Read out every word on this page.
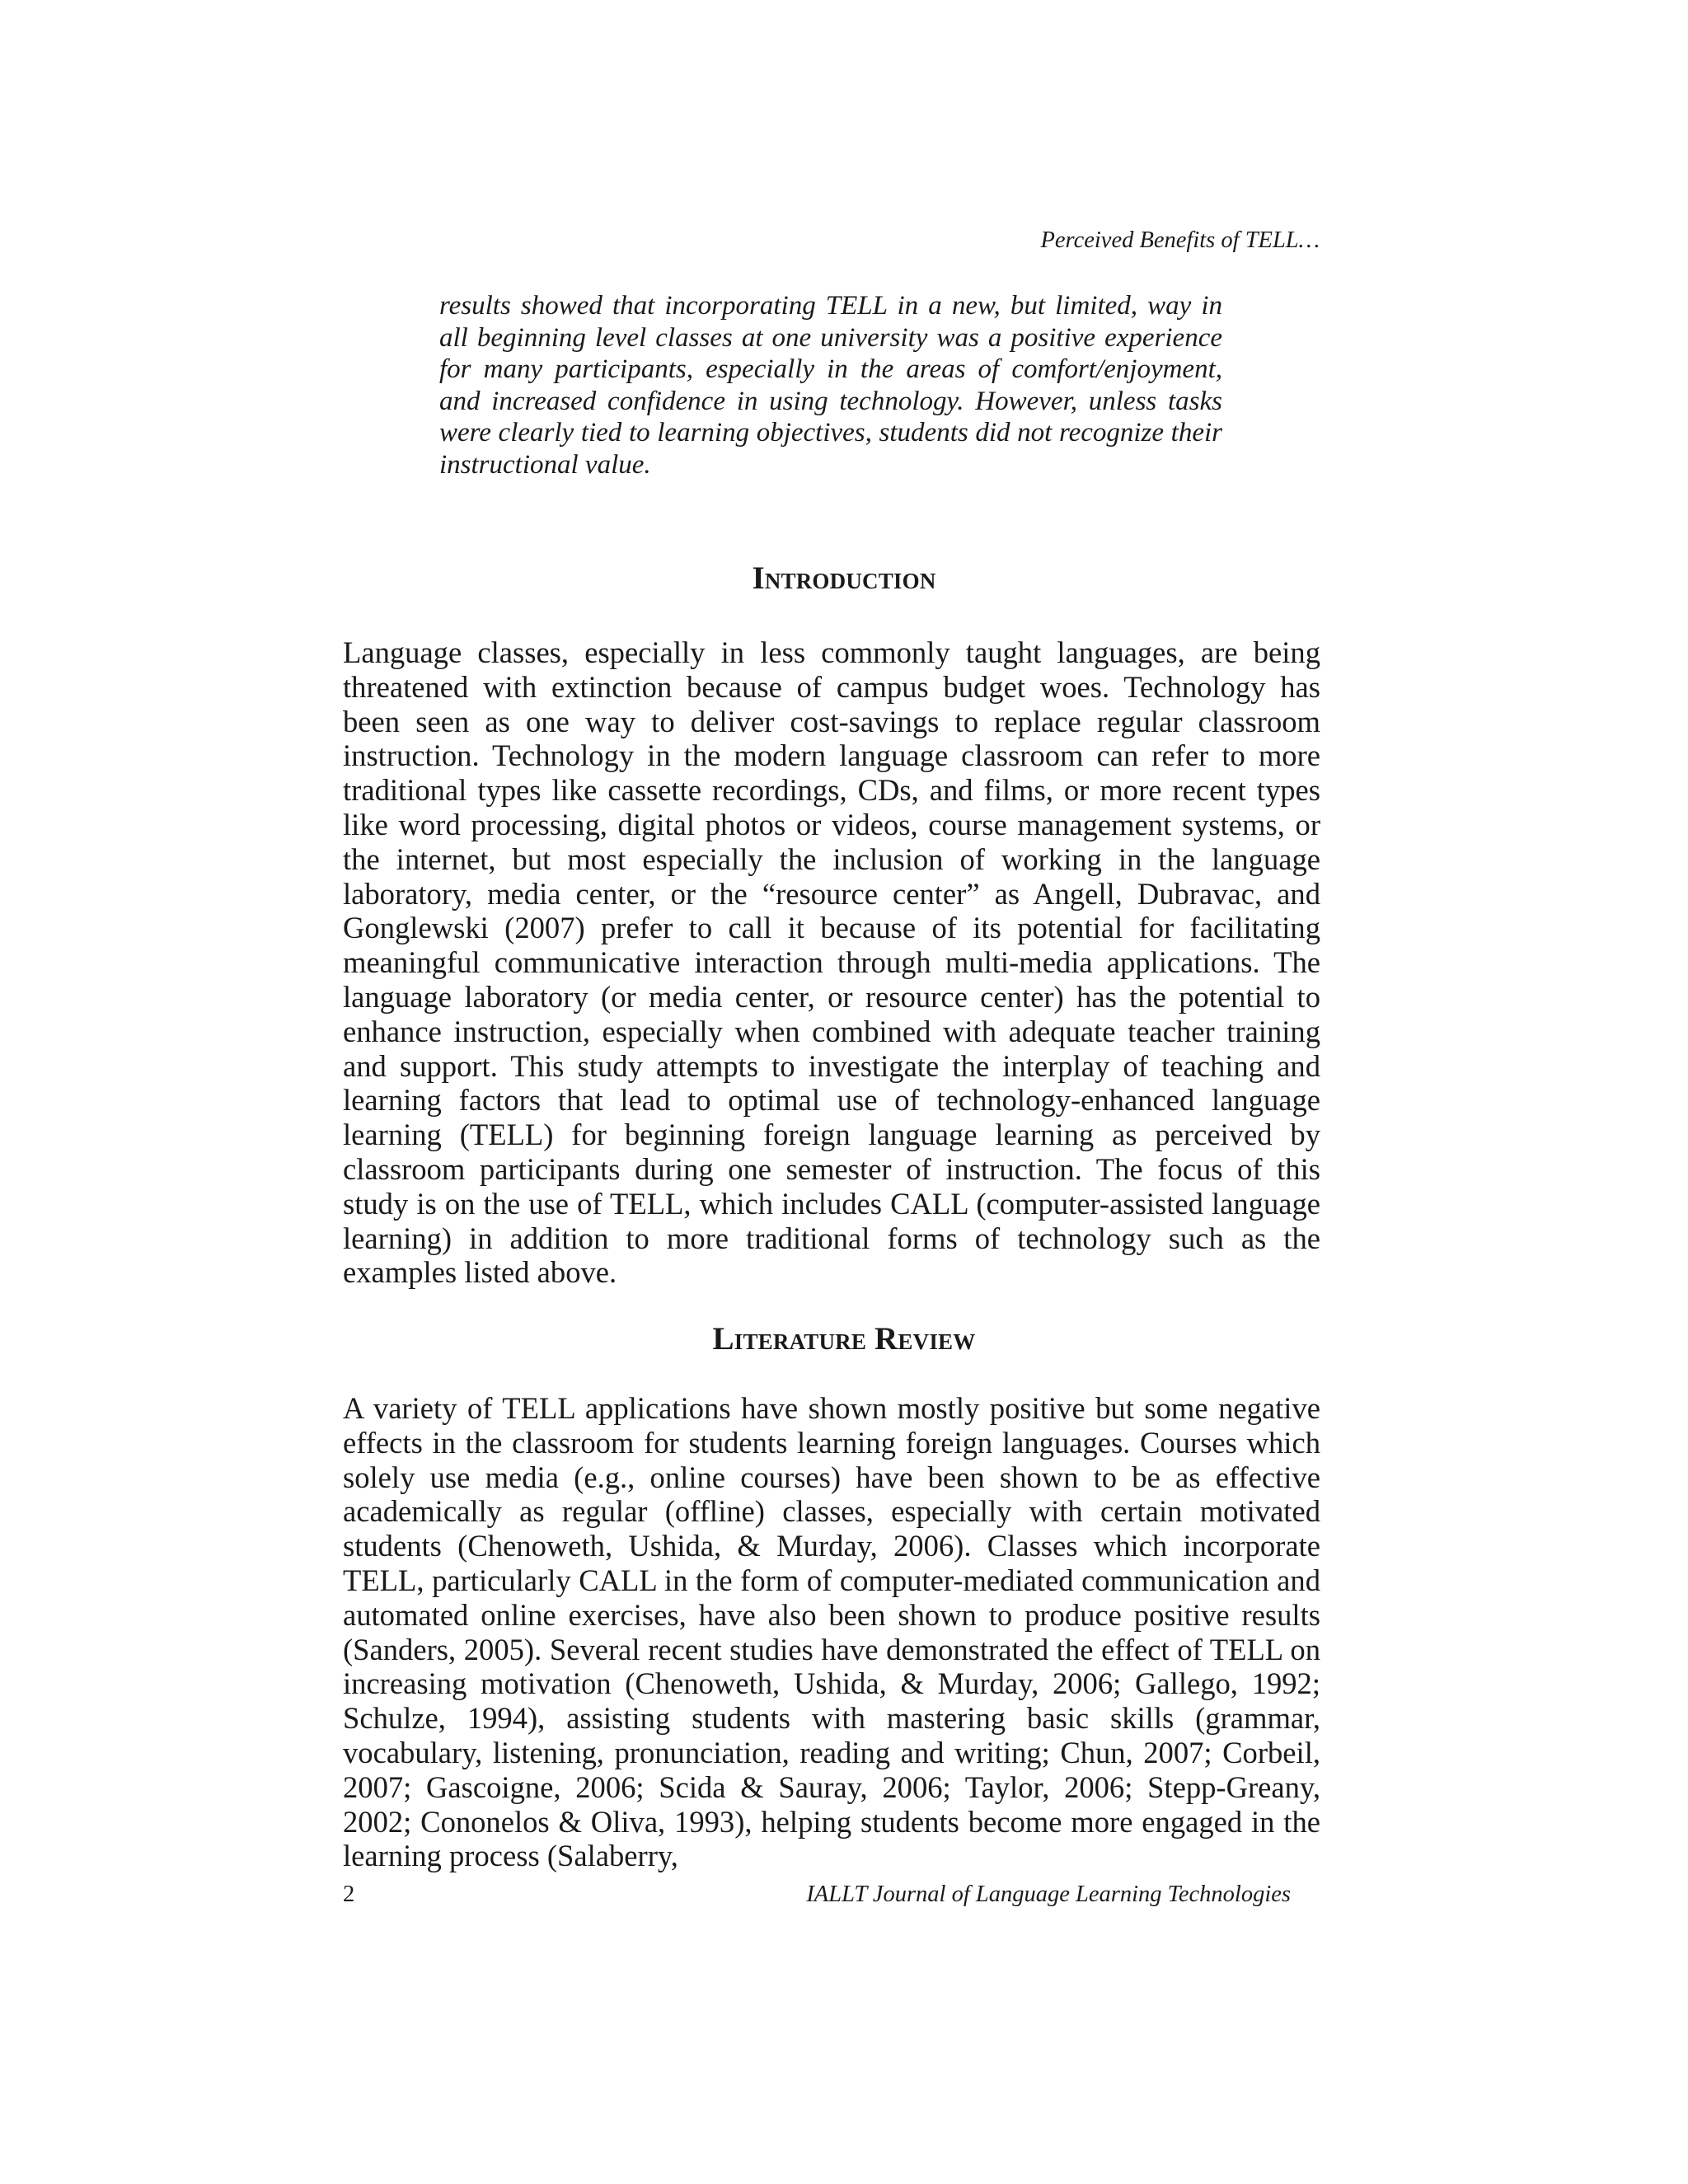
Perceived Benefits of TELL…

results showed that incorporating TELL in a new, but limited, way in all beginning level classes at one university was a positive experience for many participants, especially in the areas of comfort/enjoyment, and increased confidence in using technology. However, unless tasks were clearly tied to learning objectives, students did not recognize their instructional value.

Introduction

Language classes, especially in less commonly taught languages, are being threatened with extinction because of campus budget woes. Technology has been seen as one way to deliver cost-savings to replace regular classroom instruction. Technology in the modern language classroom can refer to more traditional types like cassette recordings, CDs, and films, or more recent types like word processing, digital photos or videos, course management systems, or the internet, but most especially the inclusion of working in the language laboratory, media center, or the “resource center” as Angell, Dubravac, and Gonglewski (2007) prefer to call it because of its potential for facilitating meaningful communicative interaction through multi-media applications. The language laboratory (or media center, or resource center) has the potential to enhance instruction, especially when combined with adequate teacher training and support. This study attempts to investigate the interplay of teaching and learning factors that lead to optimal use of technology-enhanced language learning (TELL) for beginning foreign language learning as perceived by classroom participants during one semester of instruction. The focus of this study is on the use of TELL, which includes CALL (computer-assisted language learning) in addition to more traditional forms of technology such as the examples listed above.

Literature Review

A variety of TELL applications have shown mostly positive but some negative effects in the classroom for students learning foreign languages. Courses which solely use media (e.g., online courses) have been shown to be as effective academically as regular (offline) classes, especially with certain motivated students (Chenoweth, Ushida, & Murday, 2006). Classes which incorporate TELL, particularly CALL in the form of computer-mediated communication and automated online exercises, have also been shown to produce positive results (Sanders, 2005). Several recent studies have demonstrated the effect of TELL on increasing motivation (Chenoweth, Ushida, & Murday, 2006; Gallego, 1992; Schulze, 1994), assisting students with mastering basic skills (grammar, vocabulary, listening, pronunciation, reading and writing; Chun, 2007; Corbeil, 2007; Gascoigne, 2006; Scida & Sauray, 2006; Taylor, 2006; Stepp-Greany, 2002; Cononelos & Oliva, 1993), helping students become more engaged in the learning process (Salaberry,

2	IALLT Journal of Language Learning Technologies
